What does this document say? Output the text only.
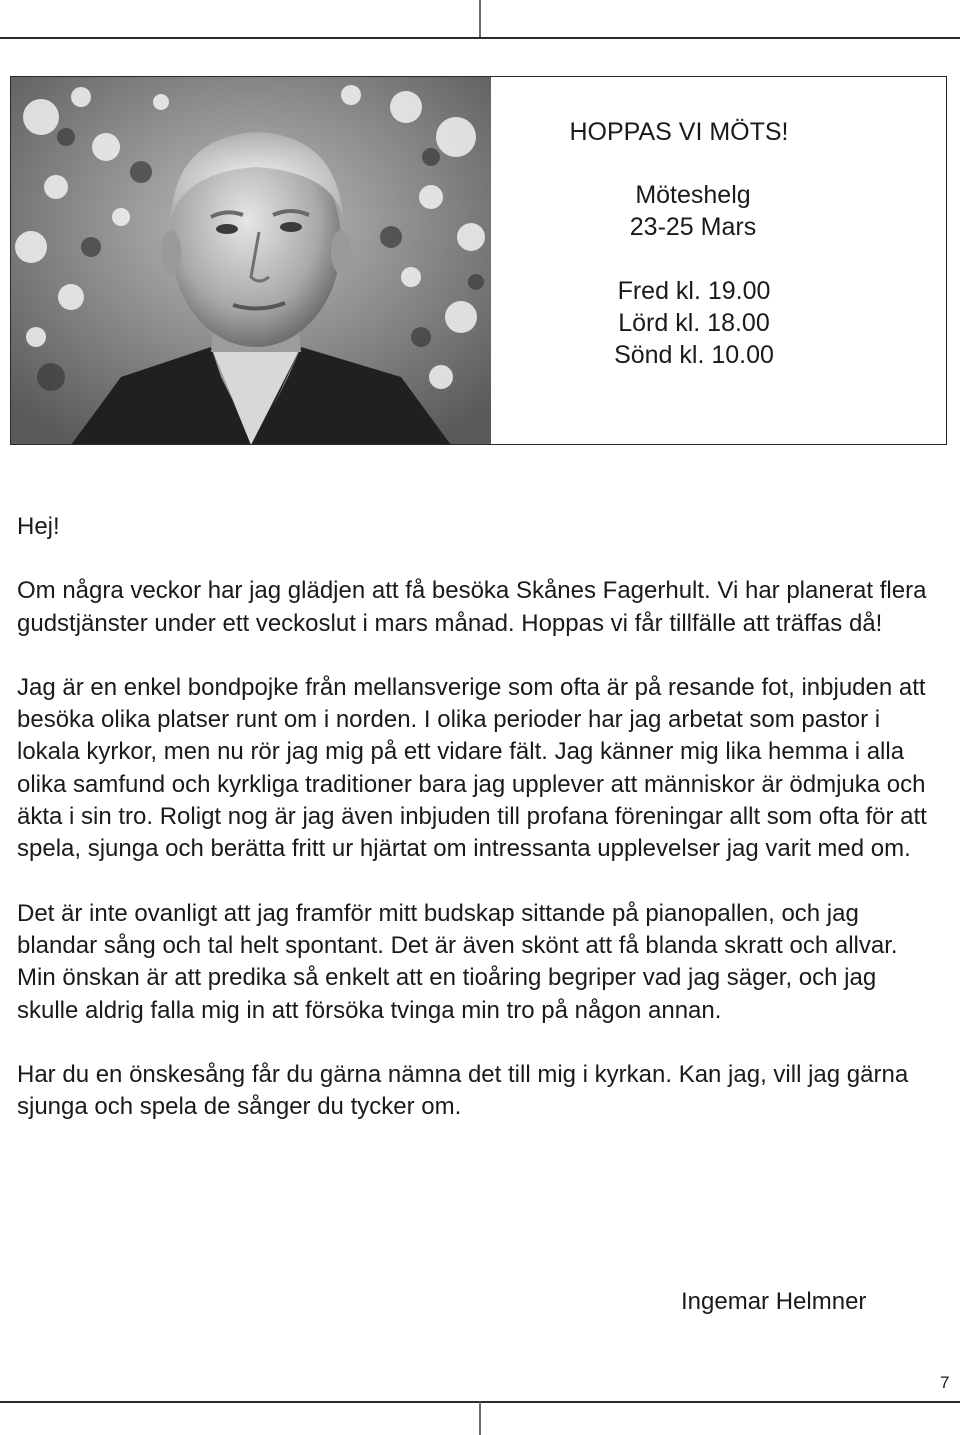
HOPPAS VI MÖTS!
Möteshelg
23-25 Mars
Fred kl. 19.00
Lörd kl. 18.00
Sönd kl. 10.00

Hej!

Om några veckor har jag glädjen att få besöka Skånes Fagerhult. Vi har planerat flera gudstjänster under ett veckoslut i mars månad. Hoppas vi får tillfälle att träffas då!

Jag är en enkel bondpojke från mellansverige som ofta är på resande fot, inbjuden att besöka olika platser runt om i norden. I olika perioder har jag arbetat som pastor i lokala kyrkor, men nu rör jag mig på ett vidare fält. Jag känner mig lika hemma i alla olika samfund och kyrkliga traditioner bara jag upplever att människor är ödmjuka och äkta i sin tro. Roligt nog är jag även inbjuden till profana föreningar allt som ofta för att spela, sjunga och berätta fritt ur hjärtat om intressanta upplevelser jag varit med om.

Det är inte ovanligt att jag framför mitt budskap sittande på pianopallen, och jag blandar sång och tal helt spontant. Det är även skönt att få blanda skratt och allvar. Min önskan är att predika så enkelt att en tioåring begriper vad jag säger, och jag skulle aldrig falla mig in att försöka tvinga min tro på någon annan.

Har du en önskesång får du gärna nämna det till mig i kyrkan. Kan jag, vill jag gärna sjunga och spela de sånger du tycker om.

Ingemar Helmner
7
